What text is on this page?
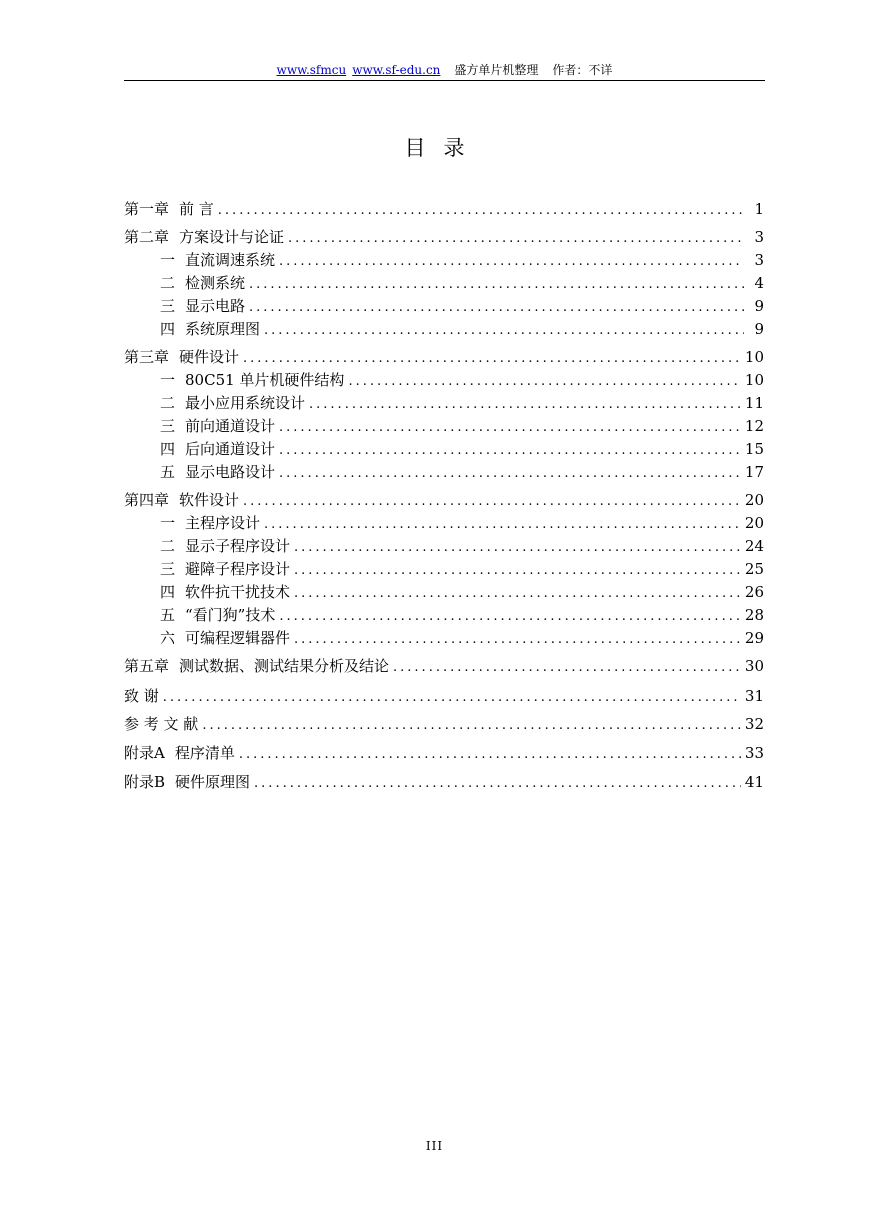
www.sfmcu www.sf-edu.cn 盛方单片机整理 作者：不详
目录
第一章 前 言 .....	1
第二章 方案设计与论证 .....	3
一 直流调速系统 .....	3
二 检测系统 .....	4
三 显示电路 .....	9
四 系统原理图 .....	9
第三章 硬件设计 .....	10
一 80C51 单片机硬件结构 .....	10
二 最小应用系统设计 .....	11
三 前向通道设计 .....	12
四 后向通道设计 .....	15
五 显示电路设计 .....	17
第四章 软件设计 .....	20
一 主程序设计 .....	20
二 显示子程序设计 .....	24
三 避障子程序设计 .....	25
四 软件抗干扰技术 .....	26
五 “看门狗”技术 .....	28
六 可编程逻辑器件 .....	29
第五章 测试数据、测试结果分析及结论 .....	30
致 谢 .....	31
参 考 文 献 .....	32
附录A 程序清单 .....	33
附录B 硬件原理图 .....	41
III
